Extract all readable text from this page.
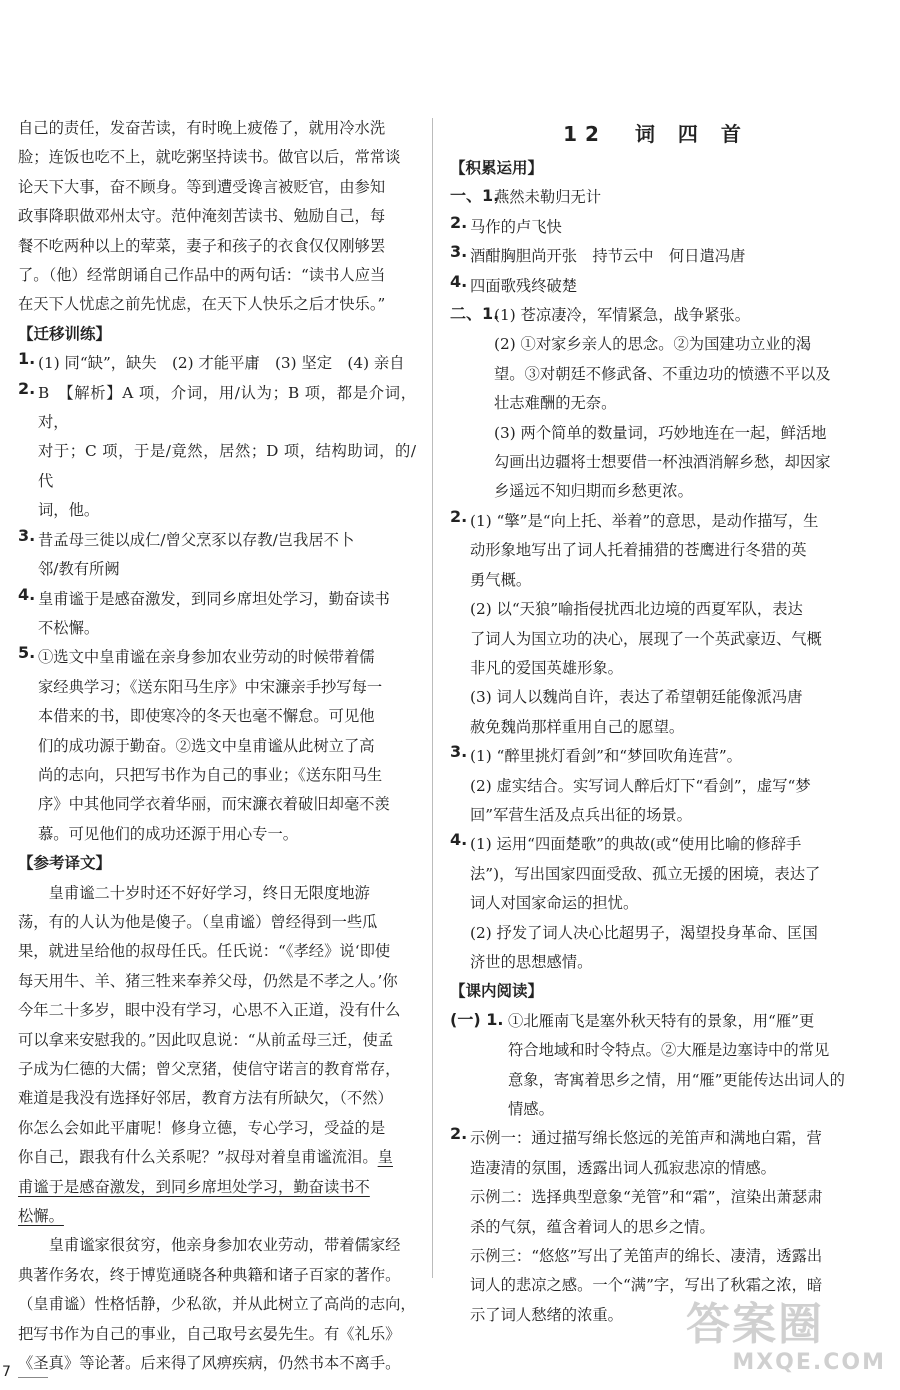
自己的责任，发奋苦读，有时晚上疲倦了，就用冷水洗

脸；连饭也吃不上，就吃粥坚持读书。做官以后，常常谈

论天下大事，奋不顾身。等到遭受谗言被贬官，由参知

政事降职做邓州太守。范仲淹刻苦读书、勉励自己，每

餐不吃两种以上的荤菜，妻子和孩子的衣食仅仅刚够罢

了。（他）经常朗诵自己作品中的两句话：“读书人应当

在天下人忧虑之前先忧虑，在天下人快乐之后才快乐。”

【迁移训练】

1. (1) 同“缺”，缺失　(2) 才能平庸　(3) 坚定　(4) 亲自

2. B　【解析】A 项，介词，用/认为；B 项，都是介词，对，

对于；C 项，于是/竟然，居然；D 项，结构助词，的/代

词，他。

3. 昔孟母三徙以成仁/曾父烹豕以存教/岂我居不卜

邻/教有所阙

4. 皇甫谧于是感奋激发，到同乡席坦处学习，勤奋读书

不松懈。

5. ①选文中皇甫谧在亲身参加农业劳动的时候带着儒

家经典学习；《送东阳马生序》中宋濂亲手抄写每一

本借来的书，即使寒冷的冬天也毫不懈怠。可见他

们的成功源于勤奋。②选文中皇甫谧从此树立了高

尚的志向，只把写书作为自己的事业；《送东阳马生

序》中其他同学衣着华丽，而宋濂衣着破旧却毫不羡

慕。可见他们的成功还源于用心专一。

【参考译文】

皇甫谧二十岁时还不好好学习，终日无限度地游

荡，有的人认为他是傻子。（皇甫谧）曾经得到一些瓜

果，就进呈给他的叔母任氏。任氏说：“《孝经》说‘即使

每天用牛、羊、猪三牲来奉养父母，仍然是不孝之人。’你

今年二十多岁，眼中没有学习，心思不入正道，没有什么

可以拿来安慰我的。”因此叹息说：“从前孟母三迁，使孟

子成为仁德的大儒；曾父烹猪，使信守诺言的教育常存，

难道是我没有选择好邻居，教育方法有所缺欠，（不然）

你怎么会如此平庸呢！修身立德，专心学习，受益的是

你自己，跟我有什么关系呢？”叔母对着皇甫谧流泪。皇

甫谧于是感奋激发，到同乡席坦处学习，勤奋读书不

松懈。

皇甫谧家很贫穷，他亲身参加农业劳动，带着儒家经

典著作务农，终于博览通晓各种典籍和诸子百家的著作。

（皇甫谧）性格恬静，少私欲，并从此树立了高尚的志向，

把写书作为自己的事业，自己取号玄晏先生。有《礼乐》

《圣真》等论著。后来得了风痹疾病，仍然书本不离手。

12　词 四 首

【积累运用】

一、1.

燕然未勒归无计

2. 马作的卢飞快

3. 酒酣胸胆尚开张　持节云中　何日遣冯唐

4. 四面歌残终破楚

二、1.

(1) 苍凉凄冷，军情紧急，战争紧张。

(2) ①对家乡亲人的思念。②为国建功立业的渴

望。③对朝廷不修武备、不重边功的愤懑不平以及

壮志难酬的无奈。

(3) 两个简单的数量词，巧妙地连在一起，鲜活地

勾画出边疆将士想要借一杯浊酒消解乡愁，却因家

乡遥远不知归期而乡愁更浓。

2. (1) “擎”是“向上托、举着”的意思，是动作描写，生

动形象地写出了词人托着捕猎的苍鹰进行冬猎的英

勇气概。

(2) 以“天狼”喻指侵扰西北边境的西夏军队，表达

了词人为国立功的决心，展现了一个英武豪迈、气概

非凡的爱国英雄形象。

(3) 词人以魏尚自许，表达了希望朝廷能像派冯唐

赦免魏尚那样重用自己的愿望。

3. (1) “醉里挑灯看剑”和“梦回吹角连营”。

(2) 虚实结合。实写词人醉后灯下“看剑”，虚写“梦

回”军营生活及点兵出征的场景。

4. (1) 运用“四面楚歌”的典故(或“使用比喻的修辞手

法”)，写出国家四面受敌、孤立无援的困境，表达了

词人对国家命运的担忧。

(2) 抒发了词人决心比超男子，渴望投身革命、匡国

济世的思想感情。

【课内阅读】

(一) 1. ①北雁南飞是塞外秋天特有的景象，用“雁”更

符合地域和时令特点。②大雁是边塞诗中的常见

意象，寄寓着思乡之情，用“雁”更能传达出词人的

情感。

2. 示例一：通过描写绵长悠远的羌笛声和满地白霜，营

造凄清的氛围，透露出词人孤寂悲凉的情感。

示例二：选择典型意象“羌管”和“霜”，渲染出萧瑟肃

杀的气氛，蕴含着词人的思乡之情。

示例三：“悠悠”写出了羌笛声的绵长、凄清，透露出

词人的悲凉之感。一个“满”字，写出了秋霜之浓，暗

示了词人愁绪的浓重。

7
答案圈
MXQE.COM
